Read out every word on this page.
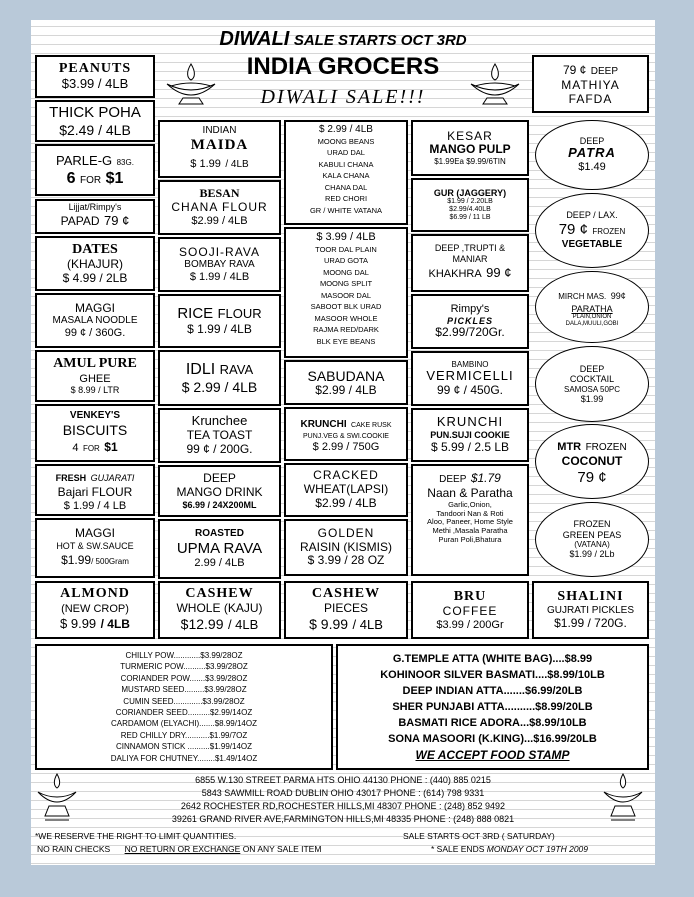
DIWALI SALE STARTS OCT 3RD
INDIA GROCERS
DIWALI SALE!!!
PEANUTS
$3.99 / 4LB
THICK POHA
$2.49 / 4LB
PARLE-G 83G.
6 FOR $1
Lijjat/Rimpy's
PAPAD 79 ¢
DATES
(KHAJUR)
$ 4.99 / 2LB
MAGGI
MASALA NOODLE
99 ¢ / 360G.
AMUL PURE
GHEE
$ 8.99 / LTR
VENKEY'S
BISCUITS
4 FOR $1
FRESH GUJARATI
Bajari FLOUR
$ 1.99 / 4 LB
MAGGI
HOT & SW.SAUCE
$1.99/ 500Gram
ALMOND
(NEW CROP)
$ 9.99 / 4LB
INDIAN
MAIDA
$ 1.99 / 4LB
BESAN
CHANA FLOUR
$2.99 / 4LB
SOOJI-RAVA
BOMBAY RAVA
$ 1.99 / 4LB
RICE FLOUR
$ 1.99 / 4LB
IDLI RAVA
$ 2.99 / 4LB
Krunchee
TEA TOAST
99 ¢ / 200G.
DEEP
MANGO DRINK
$6.99 / 24X200ML
ROASTED
UPMA RAVA
2.99 / 4LB
CASHEW
WHOLE (KAJU)
$12.99 / 4LB
$ 2.99 / 4LB
MOONG BEANS
URAD DAL
KABULI CHANA
KALA CHANA
CHANA DAL
RED CHORI
GR / WHITE VATANA
$ 3.99 / 4LB
TOOR DAL PLAIN
URAD GOTA
MOONG DAL
MOONG SPLIT
MASOOR DAL
SABOOT BLK URAD
MASOOR WHOLE
RAJMA RED/DARK
BLK EYE BEANS
SABUDANA
$2.99 / 4LB
KRUNCHI CAKE RUSK
PUNJ.VEG & SWI.COOKIE
$ 2.99 / 750G
CRACKED
WHEAT(LAPSI)
$2.99 / 4LB
GOLDEN
RAISIN (KISMIS)
$ 3.99 / 28 OZ
CASHEW
PIECES
$ 9.99 / 4LB
KESAR
MANGO PULP
$1.99Ea $9.99/6TIN
GUR (JAGGERY)
$1.99 / 2.20LB
$2.99/4.40LB
$6.99 / 11 LB
DEEP ,TRUPTI &
MANIAR
KHAKHRA 99 ¢
Rimpy's
PICKLES
$2.99/720Gr.
BAMBINO
VERMICELLI
99 ¢ / 450G.
KRUNCHI
PUN.SUJI COOKIE
$ 5.99 / 2.5 LB
DEEP $1.79
Naan & Paratha
Garlic,Onion,
Tandoori Nan & Roti
Aloo, Paneer, Home Style
Methi ,Masala Paratha
Puran Poli,Bhatura
BRU
COFFEE
$3.99 / 200Gr
79 ¢ DEEP
MATHIYA
FAFDA
DEEP
PATRA
$1.49
DEEP / LAX.
79 ¢ FROZEN
VEGETABLE
MIRCH MAS. 99¢
PARATHA
PLAIN,ONION
DALA,MUULI,GOBI
DEEP
COCKTAIL
SAMOSA 50PC
$1.99
MTR FROZEN
COCONUT
79 ¢
FROZEN
GREEN PEAS
(VATANA)
$1.99 / 2Lb
SHALINI
GUJRATI PICKLES
$1.99 / 720G.
CHILLY POW............$3.99/28OZ
TURMERIC POW..........$3.99/28OZ
CORIANDER POW.......$3.99/28OZ
MUSTARD SEED.........$3.99/28OZ
CUMIN SEED.............$3.99/28OZ
CORIANDER SEED..........$2.99/14OZ
CARDAMOM (ELYACHI).......$8.99/14OZ
RED CHILLY DRY...........$1.99/7OZ
CINNAMON STICK ..........$1.99/14OZ
DALIYA FOR CHUTNEY........$1.49/14OZ
G.TEMPLE ATTA (WHITE BAG)....$8.99
KOHINOOR SILVER BASMATI....$8.99/10LB
DEEP INDIAN ATTA.......$6.99/20LB
SHER PUNJABI ATTA..........$8.99/20LB
BASMATI RICE ADORA...$8.99/10LB
SONA MASOORI (K.KING)...$16.99/20LB
WE ACCEPT FOOD STAMP
6855 W.130 STREET PARMA HTS OHIO 44130 PHONE : (440) 885 0215
5843 SAWMILL ROAD DUBLIN OHIO 43017 PHONE : (614) 798 9331
2642 ROCHESTER RD,ROCHESTER HILLS,MI 48307 PHONE : (248) 852 9492
39261 GRAND RIVER AVE,FARMINGTON HILLS,MI 48335 PHONE : (248) 888 0821
*WE RESERVE THE RIGHT TO LIMIT QUANTITIES.
NO RAIN CHECKS NO RETURN OR EXCHANGE ON ANY SALE ITEM
SALE STARTS OCT 3RD ( SATURDAY)
* SALE ENDS MONDAY OCT 19TH 2009
